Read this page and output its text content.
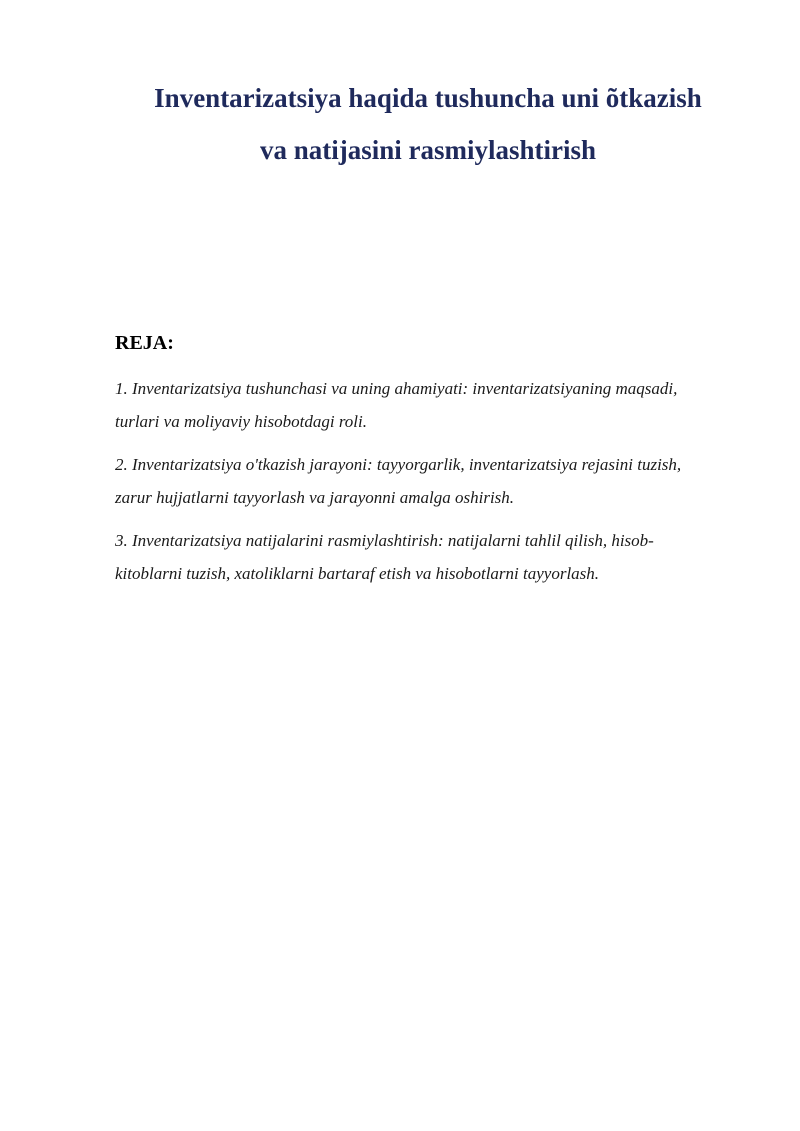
Inventarizatsiya haqida tushuncha uni õtkazish
va natijasini rasmiylashtirish
REJA:
1. Inventarizatsiya tushunchasi va uning ahamiyati: inventarizatsiyaning maqsadi,
turlari va moliyaviy hisobotdagi roli.
2. Inventarizatsiya o'tkazish jarayoni: tayyorgarlik, inventarizatsiya rejasini tuzish,
zarur hujjatlarni tayyorlash va jarayonni amalga oshirish.
3. Inventarizatsiya natijalarini rasmiylashtirish: natijalarni tahlil qilish, hisob-
kitoblarni tuzish, xatoliklarni bartaraf etish va hisobotlarni tayyorlash.
